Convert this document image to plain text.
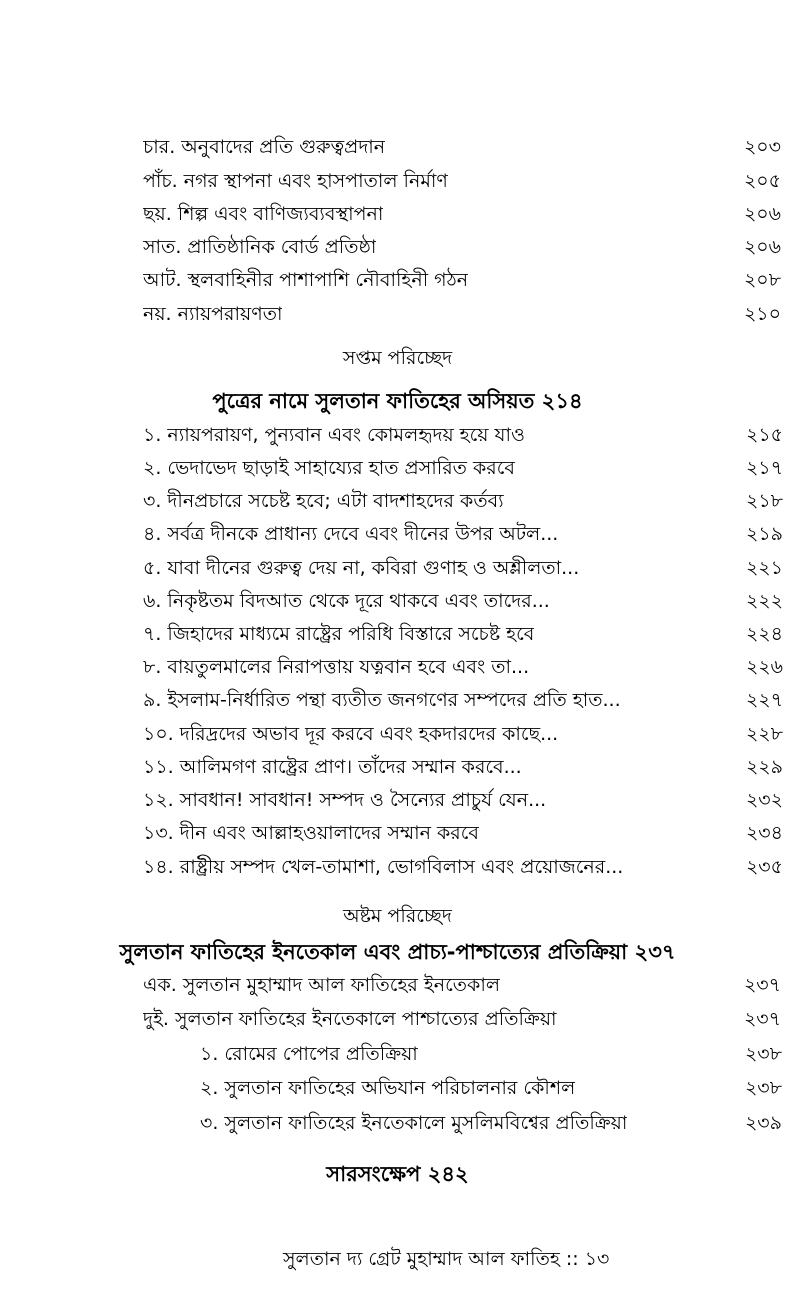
চার. অনুবাদের প্রতি গুরুত্বপ্রদান	২০৩
পাঁচ. নগর স্থাপনা এবং হাসপাতাল নির্মাণ	২০৫
ছয়. শিল্প এবং বাণিজ্যব্যবস্থাপনা	২০৬
সাত. প্রাতিষ্ঠানিক বোর্ড প্রতিষ্ঠা	২০৬
আট. স্থলবাহিনীর পাশাপাশি নৌবাহিনী গঠন	২০৮
নয়. ন্যায়পরায়ণতা	২১০
সপ্তম পরিচ্ছেদ
পুত্রের নামে সুলতান ফাতিহের অসিয়ত ২১৪
১. ন্যায়পরায়ণ, পুন্যবান এবং কোমলহৃদয় হয়ে যাও	২১৫
২. ভেদাভেদ ছাড়াই সাহায্যের হাত প্রসারিত করবে	২১৭
৩. দীনপ্রচারে সচেষ্ট হবে; এটা বাদশাহদের কর্তব্য	২১৮
৪. সর্বত্র দীনকে প্রাধান্য দেবে এবং দীনের উপর অটল...	২১৯
৫. যাবা দীনের গুরুত্ব দেয় না, কবিরা গুণাহ ও অশ্লীলতা...	২২১
৬. নিকৃষ্টতম বিদআত থেকে দূরে থাকবে এবং তাদের...	২২২
৭. জিহাদের মাধ্যমে রাষ্ট্রের পরিধি বিস্তারে সচেষ্ট হবে	২২৪
৮. বায়তুলমালের নিরাপত্তায় যত্নবান হবে এবং তা...	২২৬
৯. ইসলাম-নির্ধারিত পন্থা ব্যতীত জনগণের সম্পদের প্রতি হাত...	২২৭
১০. দরিদ্রদের অভাব দূর করবে এবং হকদারদের কাছে...	২২৮
১১. আলিমগণ রাষ্ট্রের প্রাণ। তাঁদের সম্মান করবে...	২২৯
১২. সাবধান! সাবধান! সম্পদ ও সৈন্যের প্রাচুর্য যেন...	২৩২
১৩. দীন এবং আল্লাহওয়ালাদের সম্মান করবে	২৩৪
১৪. রাষ্ট্রীয় সম্পদ খেল-তামাশা, ভোগবিলাস এবং প্রয়োজনের...	২৩৫
অষ্টম পরিচ্ছেদ
সুলতান ফাতিহের ইনতেকাল এবং প্রাচ্য-পাশ্চাত্যের প্রতিক্রিয়া ২৩৭
এক. সুলতান মুহাম্মাদ আল ফাতিহের ইনতেকাল	২৩৭
দুই. সুলতান ফাতিহের ইনতেকালে পাশ্চাত্যের প্রতিক্রিয়া	২৩৭
১. রোমের পোপের প্রতিক্রিয়া	২৩৮
২. সুলতান ফাতিহের অভিযান পরিচালনার কৌশল	২৩৮
৩. সুলতান ফাতিহের ইনতেকালে মুসলিমবিশ্বের প্রতিক্রিয়া	২৩৯
সারসংক্ষেপ ২৪২
সুলতান দ্য গ্রেট মুহাম্মাদ আল ফাতিহ :: ১৩
